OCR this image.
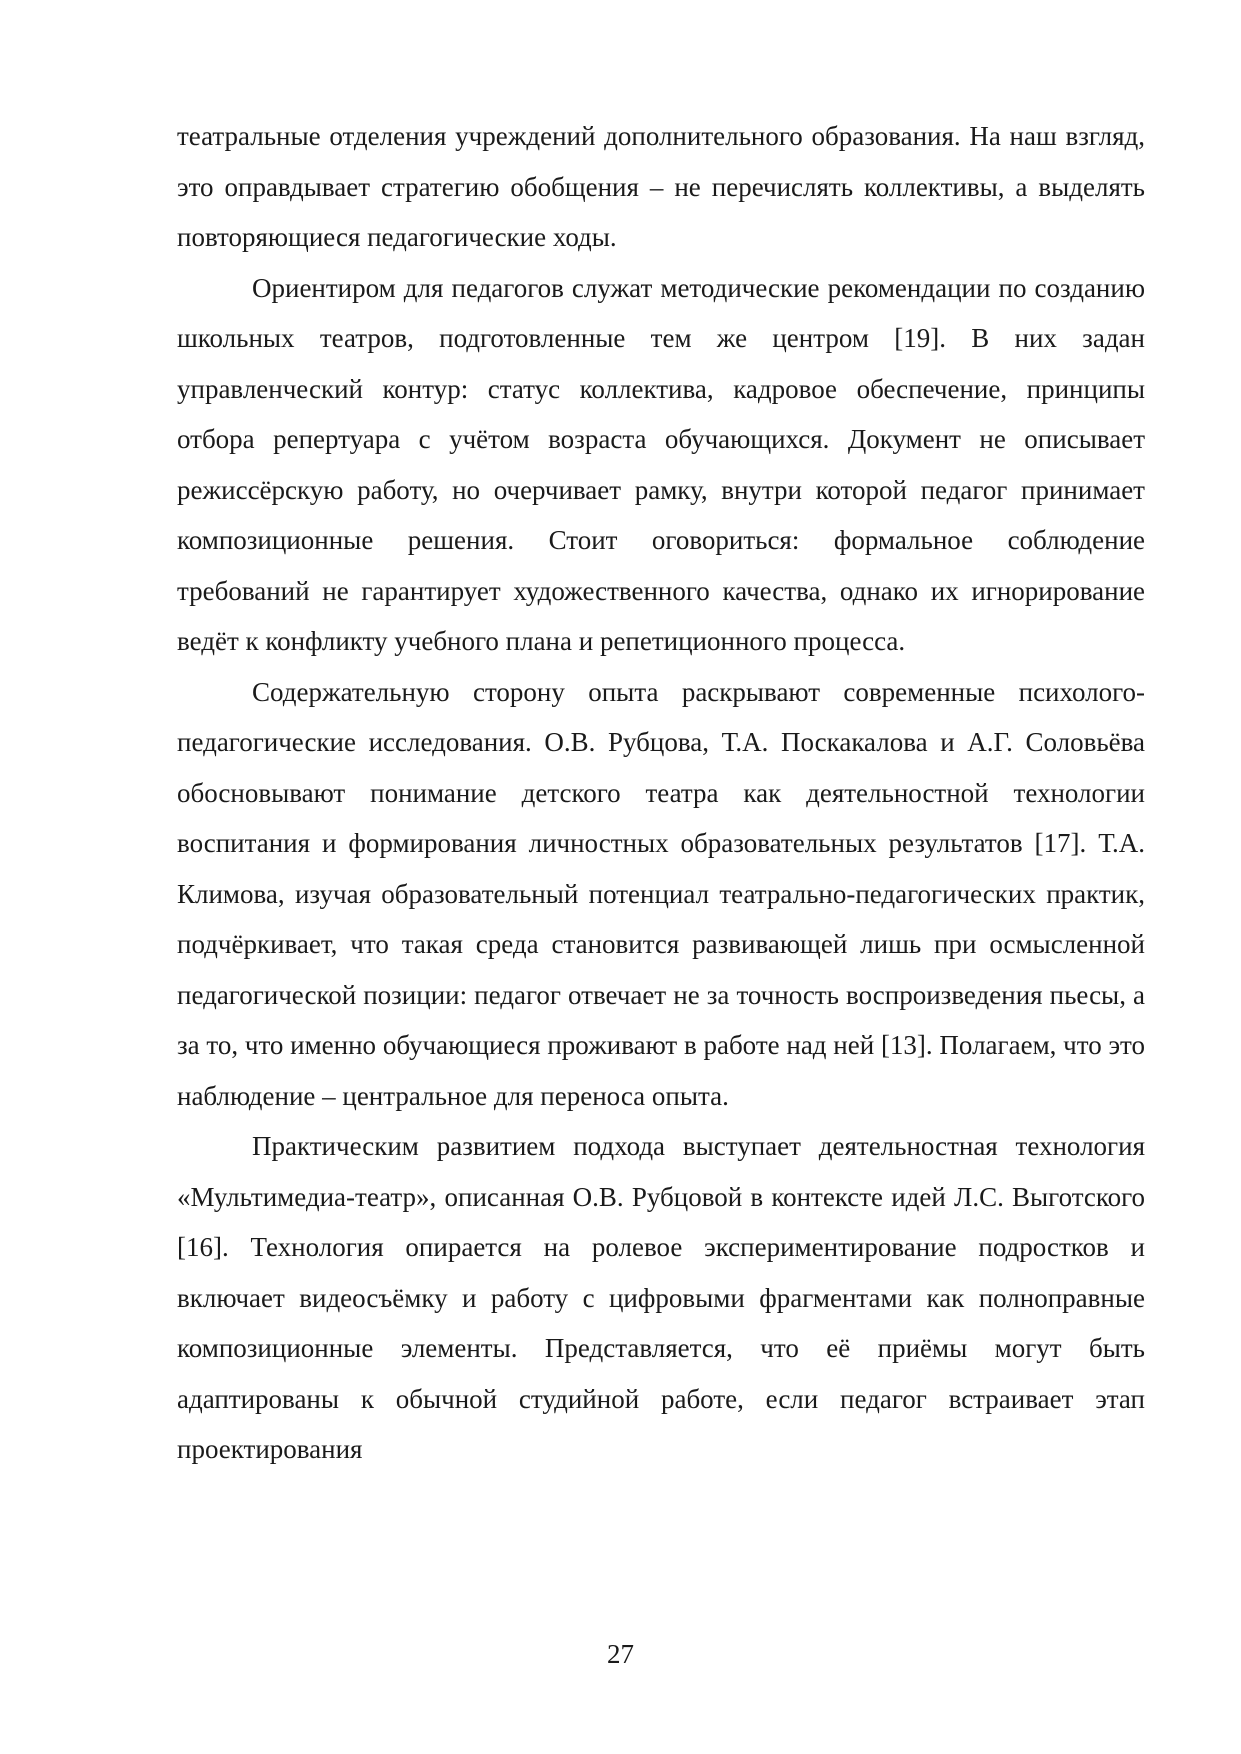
театральные отделения учреждений дополнительного образования. На наш взгляд, это оправдывает стратегию обобщения – не перечислять коллективы, а выделять повторяющиеся педагогические ходы.

Ориентиром для педагогов служат методические рекомендации по созданию школьных театров, подготовленные тем же центром [19]. В них задан управленческий контур: статус коллектива, кадровое обеспечение, принципы отбора репертуара с учётом возраста обучающихся. Документ не описывает режиссёрскую работу, но очерчивает рамку, внутри которой педагог принимает композиционные решения. Стоит оговориться: формальное соблюдение требований не гарантирует художественного качества, однако их игнорирование ведёт к конфликту учебного плана и репетиционного процесса.

Содержательную сторону опыта раскрывают современные психолого-педагогические исследования. О.В. Рубцова, Т.А. Поскакалова и А.Г. Соловьёва обосновывают понимание детского театра как деятельностной технологии воспитания и формирования личностных образовательных результатов [17]. Т.А. Климова, изучая образовательный потенциал театрально-педагогических практик, подчёркивает, что такая среда становится развивающей лишь при осмысленной педагогической позиции: педагог отвечает не за точность воспроизведения пьесы, а за то, что именно обучающиеся проживают в работе над ней [13]. Полагаем, что это наблюдение – центральное для переноса опыта.

Практическим развитием подхода выступает деятельностная технология «Мультимедиа-театр», описанная О.В. Рубцовой в контексте идей Л.С. Выготского [16]. Технология опирается на ролевое экспериментирование подростков и включает видеосъёмку и работу с цифровыми фрагментами как полноправные композиционные элементы. Представляется, что её приёмы могут быть адаптированы к обычной студийной работе, если педагог встраивает этап проектирования

27
